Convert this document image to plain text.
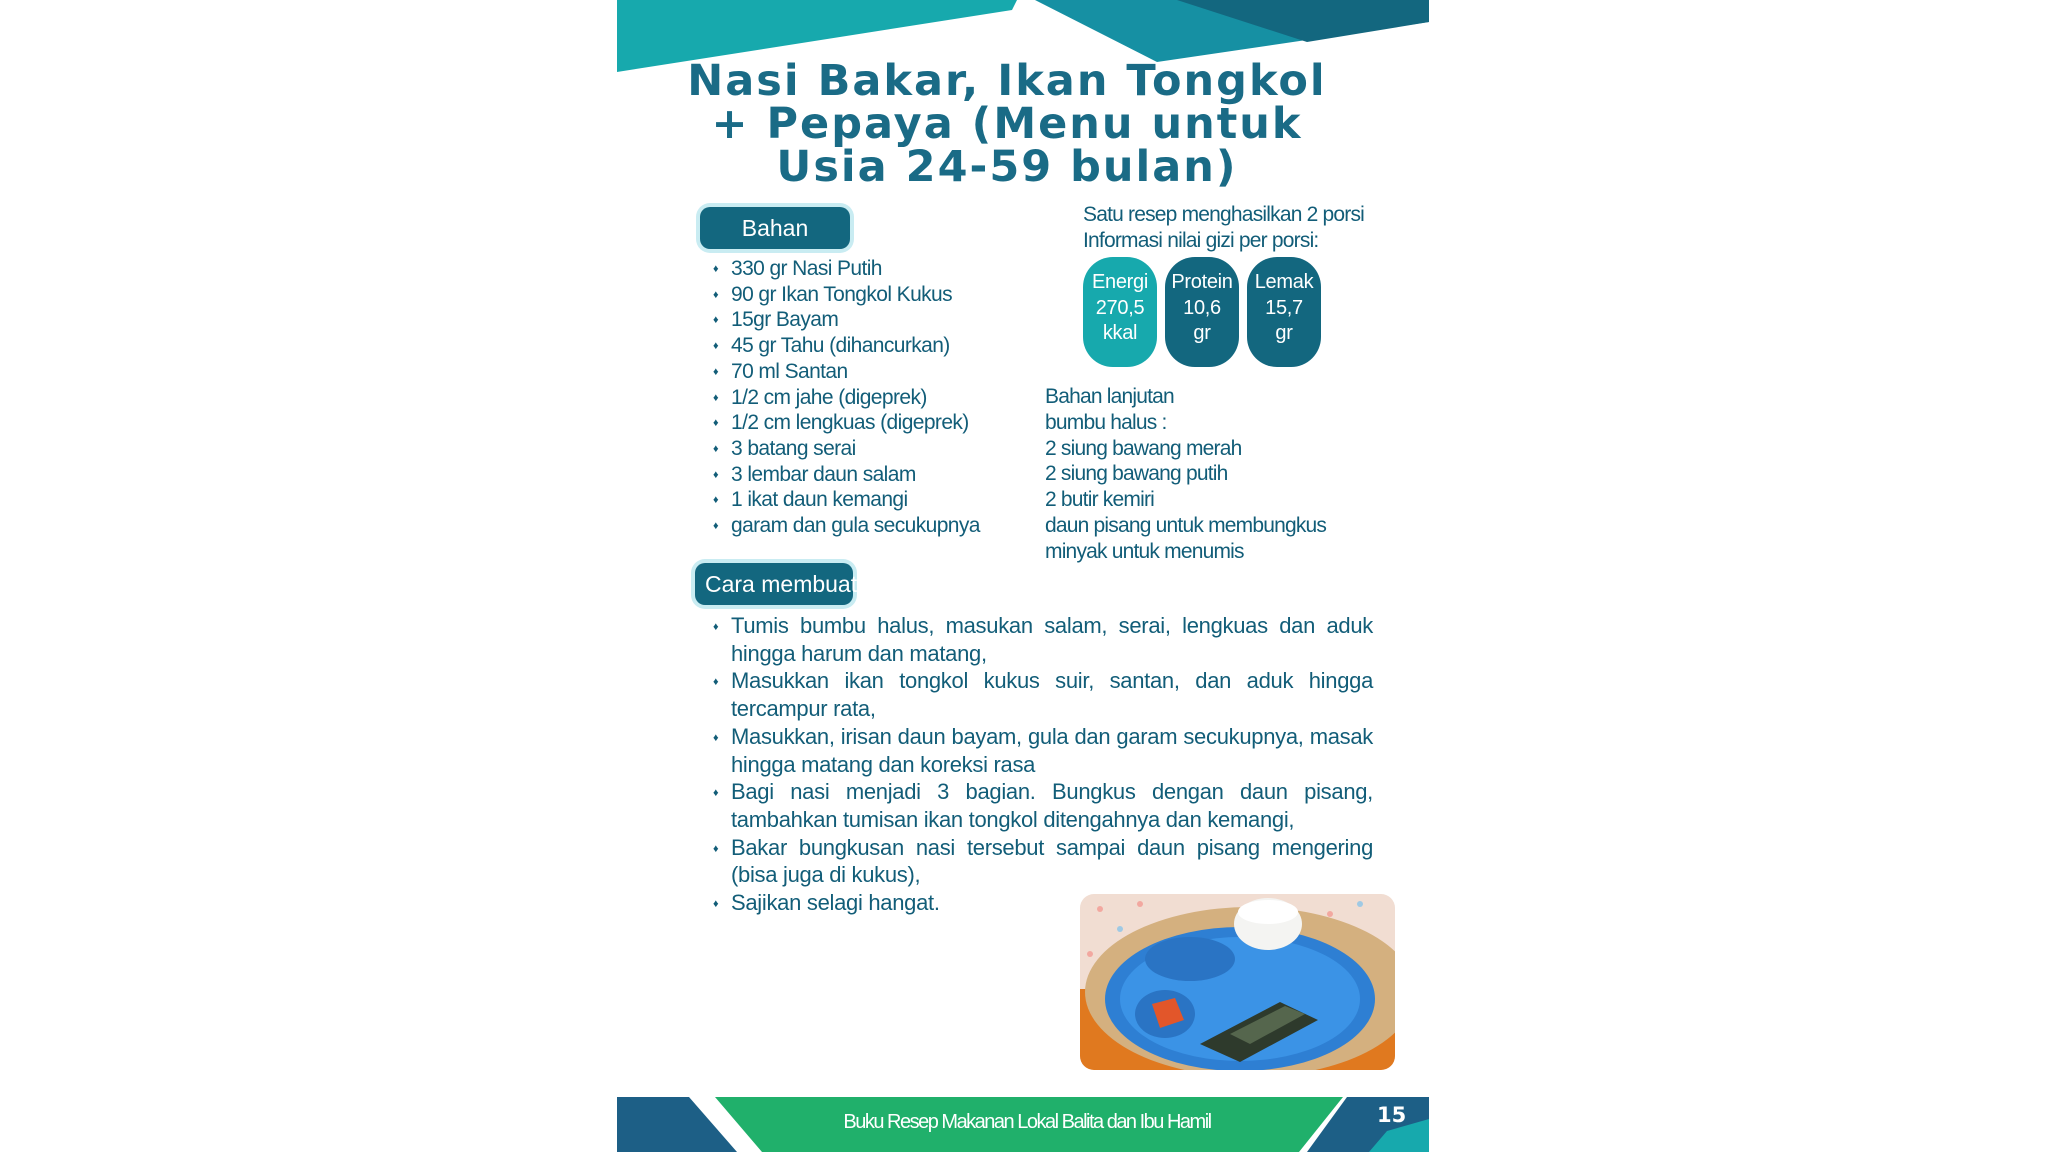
Nasi Bakar, Ikan Tongkol
+ Pepaya (Menu untuk
Usia 24-59 bulan)
Bahan
♦ 330 gr Nasi Putih
♦ 90 gr Ikan Tongkol Kukus
♦ 15gr Bayam
♦ 45 gr Tahu (dihancurkan)
♦ 70 ml Santan
♦ 1/2 cm jahe (digeprek)
♦ 1/2 cm lengkuas (digeprek)
♦ 3 batang serai
♦ 3 lembar daun salam
♦ 1 ikat daun kemangi
♦ garam dan gula secukupnya
Satu resep menghasilkan 2 porsi
Informasi nilai gizi per porsi:
Energi
270,5
kkal
Protein
10,6
gr
Lemak
15,7
gr
Bahan lanjutan
bumbu halus :
2 siung bawang merah
2 siung bawang putih
2 butir kemiri
daun pisang untuk membungkus
minyak untuk menumis
Cara membuat
♦ Tumis bumbu halus, masukan salam, serai, lengkuas dan aduk hingga harum dan matang,
♦ Masukkan ikan tongkol kukus suir, santan, dan aduk hingga tercampur rata,
♦ Masukkan, irisan daun bayam, gula dan garam secukupnya, masak hingga matang dan koreksi rasa
♦ Bagi nasi menjadi 3 bagian. Bungkus dengan daun pisang, tambahkan tumisan ikan tongkol ditengahnya dan kemangi,
♦ Bakar bungkusan nasi tersebut sampai daun pisang mengering (bisa juga di kukus),
♦ Sajikan selagi hangat.
Buku Resep Makanan Lokal Balita dan Ibu Hamil	15
